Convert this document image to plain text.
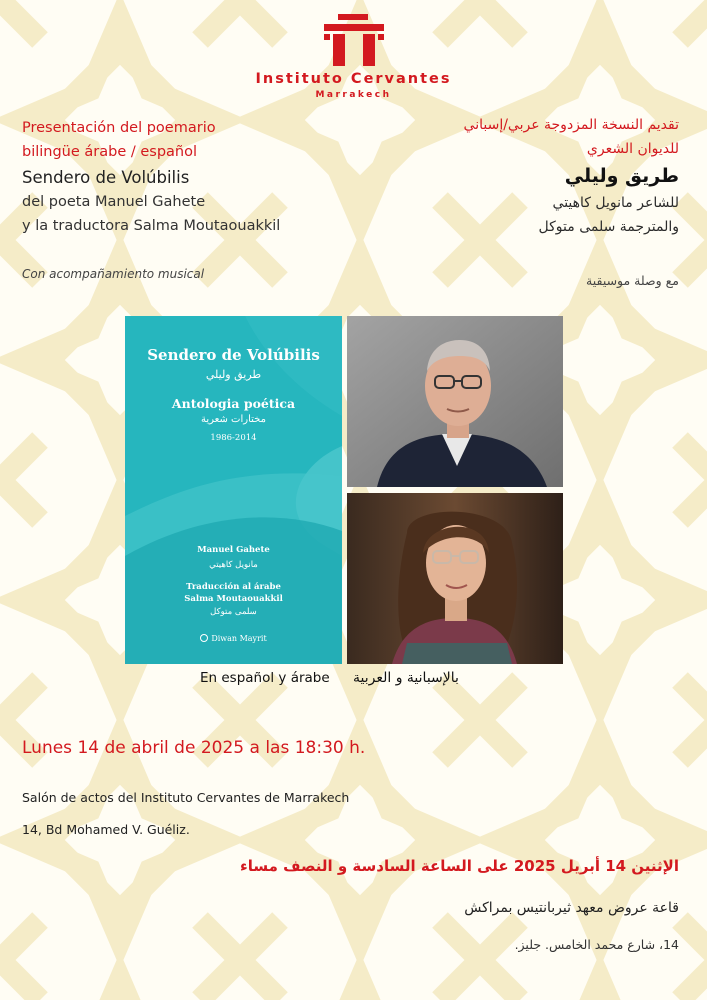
Instituto Cervantes
Marrakech
Presentación del poemario
bilingüe árabe / español
Sendero de Volúbilis
del poeta Manuel Gahete
y la traductora Salma Moutaouakkil
Con acompañamiento musical
تقديم النسخة المزدوجة عربي/إسباني
للديوان الشعري
طريق وليلي
للشاعر مانويل كاهيتي
والمترجمة سلمى متوكل
مع وصلة موسيقية
Sendero de Volúbilis
طريق وليلي
Antologia poética
مختارات شعرية
1986-2014
Manuel Gahete
مانويل كاهيتي
Traducción al árabe
Salma Moutaouakkil
سلمى متوكل
Diwan Mayrit
En español y árabe بالإسبانية و العربية
Lunes 14 de abril de 2025 a las 18:30 h.
Salón de actos del Instituto Cervantes de Marrakech
14, Bd Mohamed V. Guéliz.
الإثنين 14 أبريل 2025 على الساعة السادسة و النصف مساء
قاعة عروض معهد ثيربانتيس بمراكش
14، شارع محمد الخامس. جليز.
